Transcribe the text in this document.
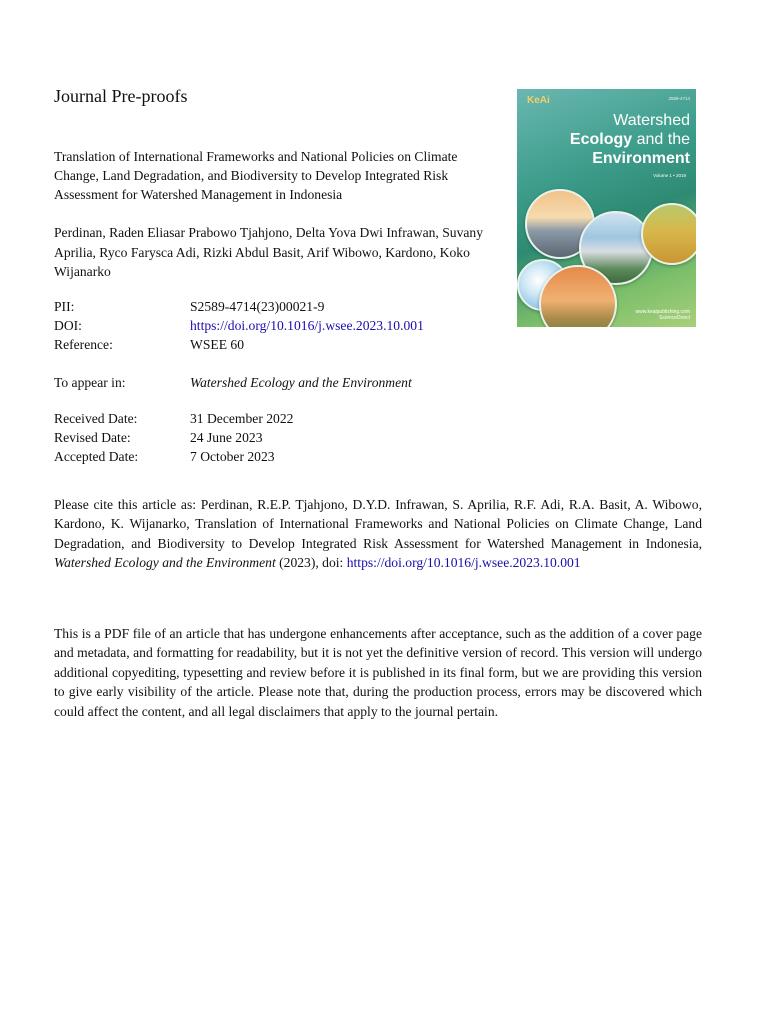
Journal Pre-proofs
Translation of International Frameworks and National Policies on Climate Change, Land Degradation, and Biodiversity to Develop Integrated Risk Assessment for Watershed Management in Indonesia
Perdinan, Raden Eliasar Prabowo Tjahjono, Delta Yova Dwi Infrawan, Suvany Aprilia, Ryco Farysca Adi, Rizki Abdul Basit, Arif Wibowo, Kardono, Koko Wijanarko
PII:	S2589-4714(23)00021-9
DOI:	https://doi.org/10.1016/j.wsee.2023.10.001
Reference:	WSEE 60
To appear in:	Watershed Ecology and the Environment
Received Date:	31 December 2022
Revised Date:	24 June 2023
Accepted Date:	7 October 2023
Please cite this article as: Perdinan, R.E.P. Tjahjono, D.Y.D. Infrawan, S. Aprilia, R.F. Adi, R.A. Basit, A. Wibowo, Kardono, K. Wijanarko, Translation of International Frameworks and National Policies on Climate Change, Land Degradation, and Biodiversity to Develop Integrated Risk Assessment for Watershed Management in Indonesia, Watershed Ecology and the Environment (2023), doi: https://doi.org/10.1016/j.wsee.2023.10.001
This is a PDF file of an article that has undergone enhancements after acceptance, such as the addition of a cover page and metadata, and formatting for readability, but it is not yet the definitive version of record. This version will undergo additional copyediting, typesetting and review before it is published in its final form, but we are providing this version to give early visibility of the article. Please note that, during the production process, errors may be discovered which could affect the content, and all legal disclaimers that apply to the journal pertain.
KeAi	2589-4714
Watershed
Ecology and the
Environment
Volume 1 • 2019
www.keaipublishing.com
ScienceDirect
